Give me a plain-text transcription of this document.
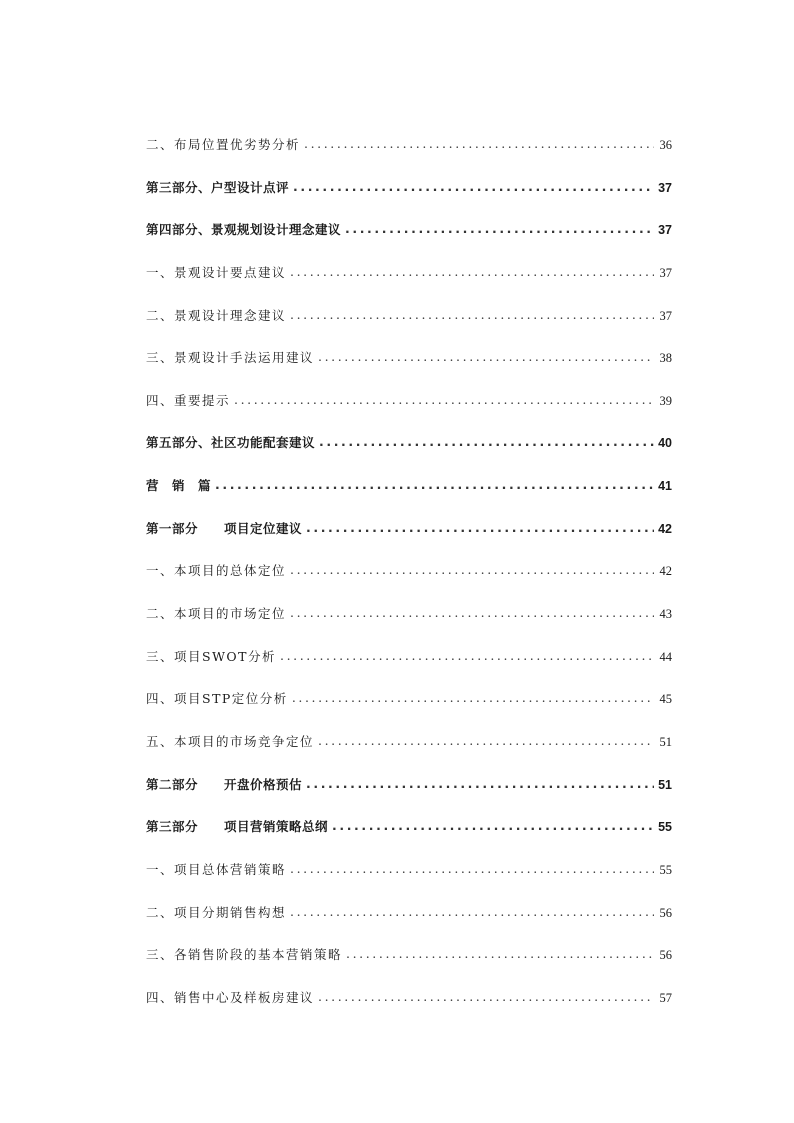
二、布局位置优劣势分析 .....	36
第三部分、户型设计点评 .....	37
第四部分、景观规划设计理念建议 .....	37
一、景观设计要点建议 .....	37
二、景观设计理念建议 .....	37
三、景观设计手法运用建议 .....	38
四、重要提示 .....	39
第五部分、社区功能配套建议 .....	40
营　销　篇 .....	41
第一部分　　项目定位建议 .....	42
一、本项目的总体定位 .....	42
二、本项目的市场定位 .....	43
三、项目SWOT分析 .....	44
四、项目STP定位分析 .....	45
五、本项目的市场竞争定位 .....	51
第二部分　　开盘价格预估 .....	51
第三部分　　项目营销策略总纲 .....	55
一、项目总体营销策略 .....	55
二、项目分期销售构想 .....	56
三、各销售阶段的基本营销策略 .....	56
四、销售中心及样板房建议 .....	57
